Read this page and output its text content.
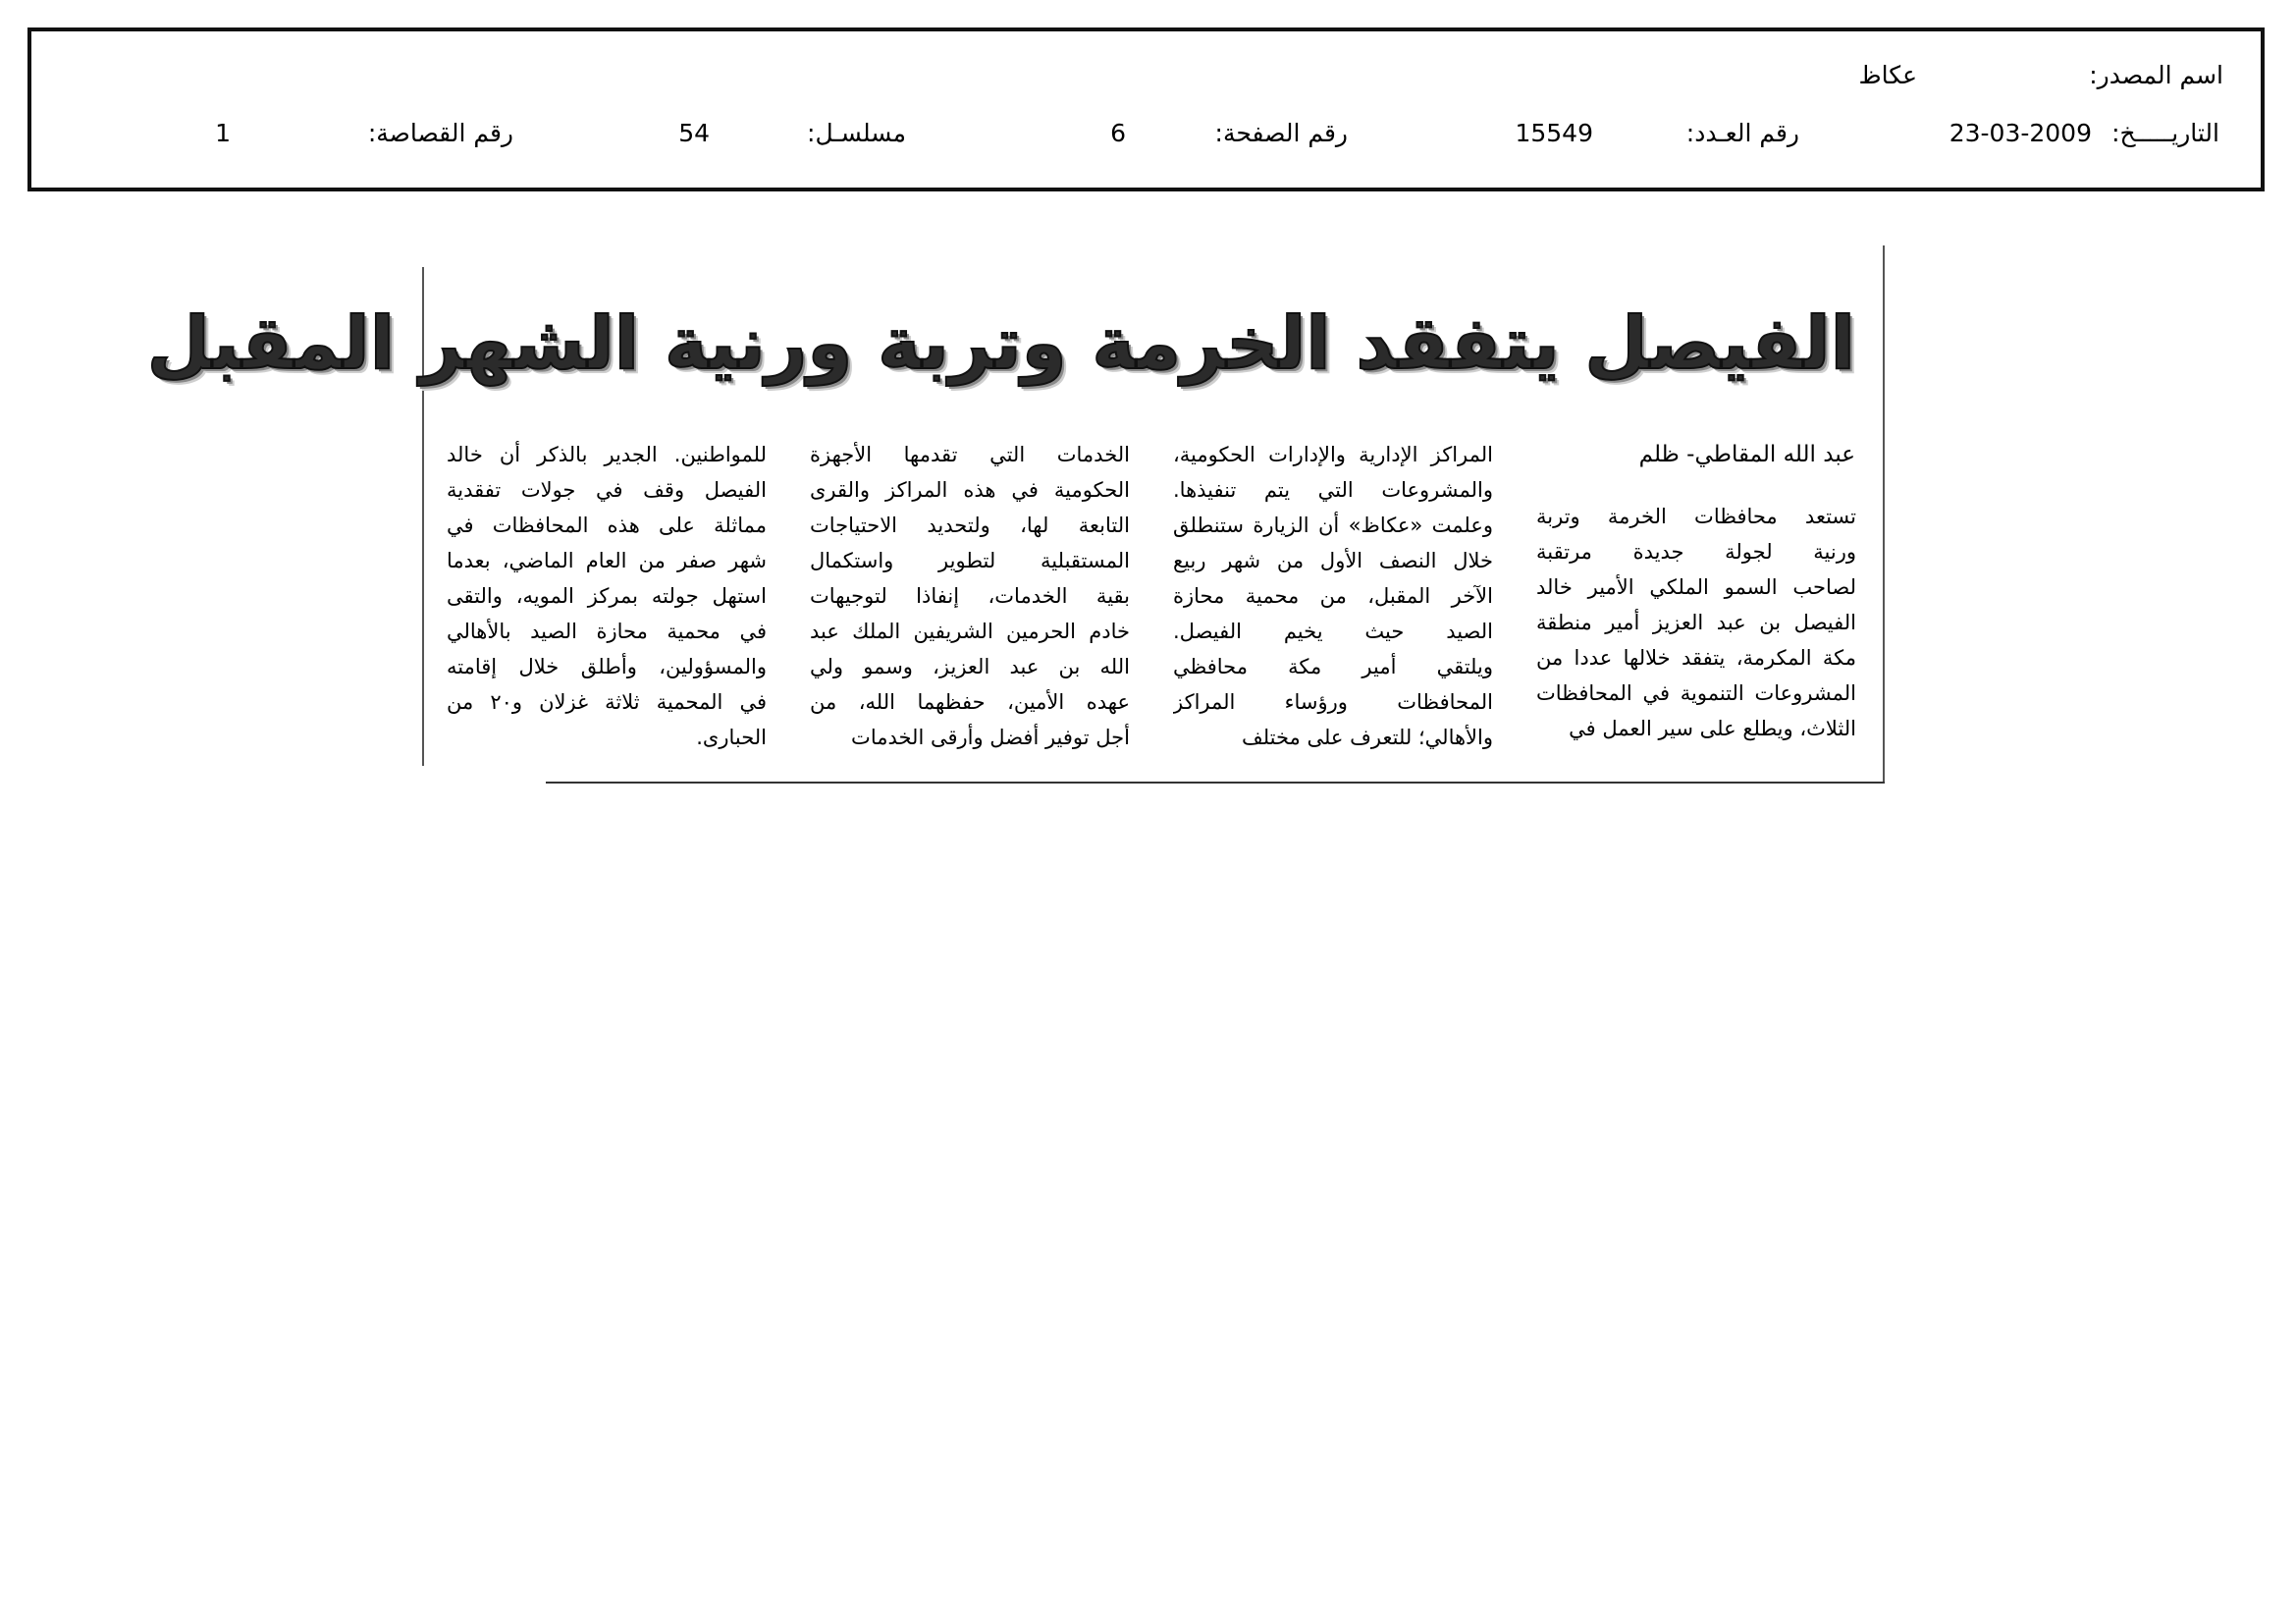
اسم المصدر:
عكاظ
التاريـــــخ:
23-03-2009
رقم العـدد:
15549
رقم الصفحة:
6
مسلسـل:
54
رقم القصاصة:
1
الفيصل يتفقد الخرمة وتربة ورنية الشهر المقبل
عبد الله المقاطي- ظلم
تستعد محافظات الخرمة وتربة
ورنية لجولة جديدة مرتقبة
لصاحب السمو الملكي الأمير خالد
الفيصل بن عبد العزيز أمير منطقة
مكة المكرمة، يتفقد خلالها عددا من
المشروعات التنموية في المحافظات
الثلاث، ويطلع على سير العمل في
المراكز الإدارية والإدارات الحكومية،
والمشروعات التي يتم تنفيذها.
وعلمت «عكاظ» أن الزيارة ستنطلق
خلال النصف الأول من شهر ربيع
الآخر المقبل، من محمية محازة
الصيد حيث يخيم الفيصل.
ويلتقي أمير مكة محافظي
المحافظات ورؤساء المراكز
والأهالي؛ للتعرف على مختلف
الخدمات التي تقدمها الأجهزة
الحكومية في هذه المراكز والقرى
التابعة لها، ولتحديد الاحتياجات
المستقبلية لتطوير واستكمال
بقية الخدمات، إنفاذا لتوجيهات
خادم الحرمين الشريفين الملك عبد
الله بن عبد العزيز، وسمو ولي
عهده الأمين، حفظهما الله، من
أجل توفير أفضل وأرقى الخدمات
للمواطنين. الجدير بالذكر أن خالد
الفيصل وقف في جولات تفقدية
مماثلة على هذه المحافظات في
شهر صفر من العام الماضي، بعدما
استهل جولته بمركز المويه، والتقى
في محمية محازة الصيد بالأهالي
والمسؤولين، وأطلق خلال إقامته
في المحمية ثلاثة غزلان و٢٠ من
الحبارى.
